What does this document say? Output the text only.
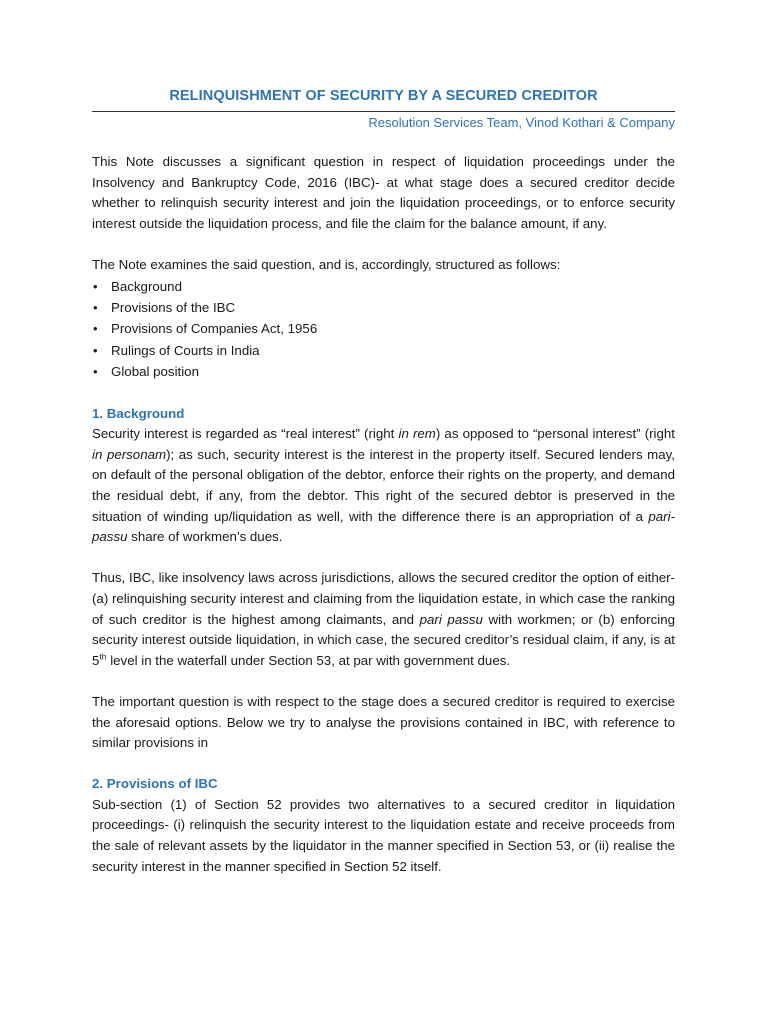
RELINQUISHMENT OF SECURITY BY A SECURED CREDITOR
Resolution Services Team, Vinod Kothari & Company

This Note discusses a significant question in respect of liquidation proceedings under the Insolvency and Bankruptcy Code, 2016 (IBC)- at what stage does a secured creditor decide whether to relinquish security interest and join the liquidation proceedings, or to enforce security interest outside the liquidation process, and file the claim for the balance amount, if any.

The Note examines the said question, and is, accordingly, structured as follows:

• Background
• Provisions of the IBC
• Provisions of Companies Act, 1956
• Rulings of Courts in India
• Global position
1. Background

Security interest is regarded as “real interest” (right in rem) as opposed to “personal interest” (right in personam); as such, security interest is the interest in the property itself. Secured lenders may, on default of the personal obligation of the debtor, enforce their rights on the property, and demand the residual debt, if any, from the debtor. This right of the secured debtor is preserved in the situation of winding up/liquidation as well, with the difference there is an appropriation of a pari-passu share of workmen’s dues.

Thus, IBC, like insolvency laws across jurisdictions, allows the secured creditor the option of either- (a) relinquishing security interest and claiming from the liquidation estate, in which case the ranking of such creditor is the highest among claimants, and pari passu with workmen; or (b) enforcing security interest outside liquidation, in which case, the secured creditor’s residual claim, if any, is at 5th level in the waterfall under Section 53, at par with government dues.

The important question is with respect to the stage does a secured creditor is required to exercise the aforesaid options. Below we try to analyse the provisions contained in IBC, with reference to similar provisions in

2. Provisions of IBC

Sub-section (1) of Section 52 provides two alternatives to a secured creditor in liquidation proceedings- (i) relinquish the security interest to the liquidation estate and receive proceeds from the sale of relevant assets by the liquidator in the manner specified in Section 53, or (ii) realise the security interest in the manner specified in Section 52 itself.
